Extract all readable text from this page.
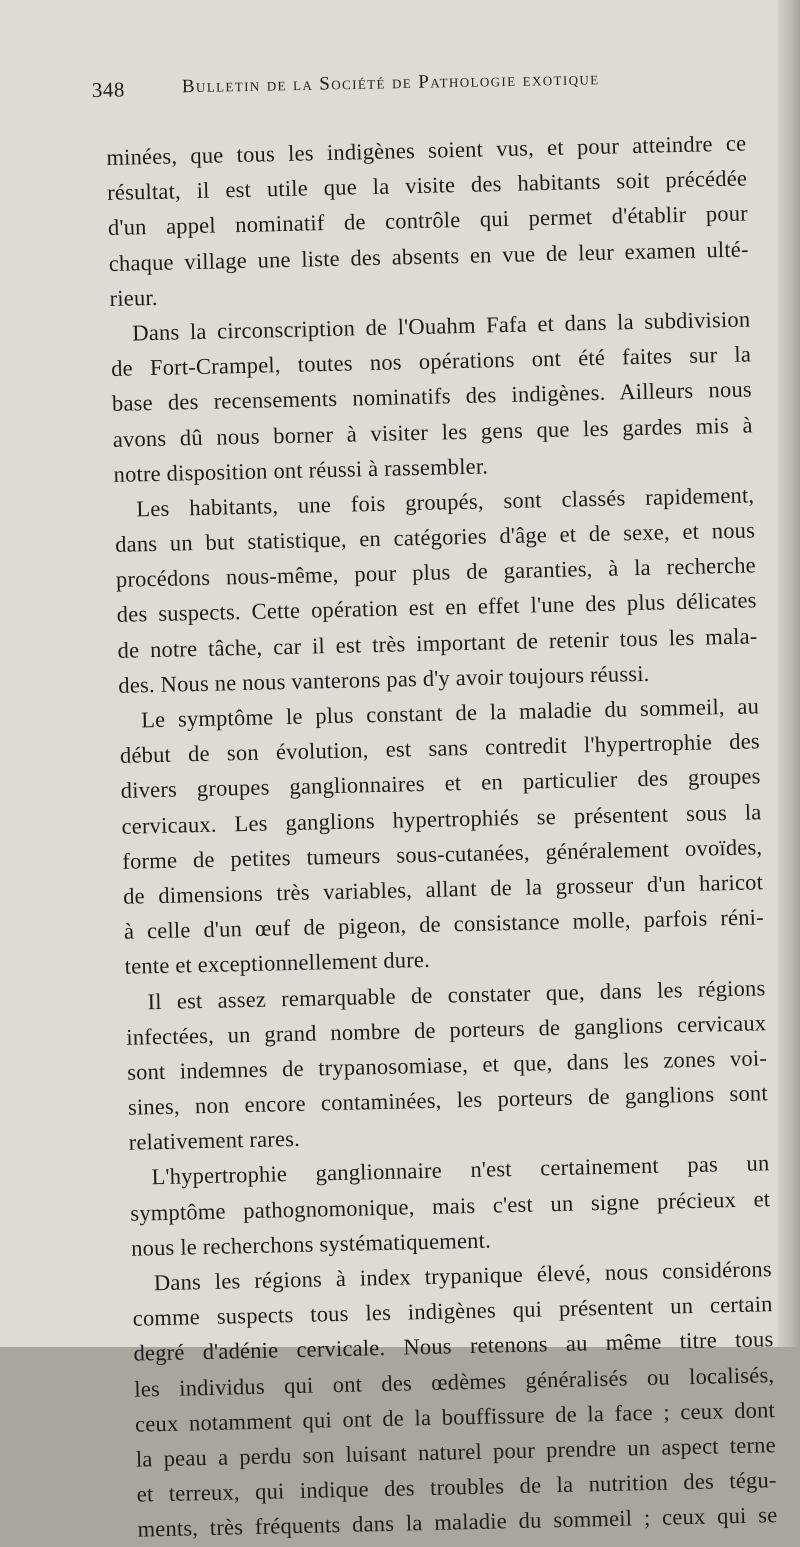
348	Bulletin de la Société de Pathologie exotique
minées, que tous les indigènes soient vus, et pour atteindre ce
résultat, il est utile que la visite des habitants soit précédée
d'un appel nominatif de contrôle qui permet d'établir pour
chaque village une liste des absents en vue de leur examen ulté-
rieur.
Dans la circonscription de l'Ouahm Fafa et dans la subdivision
de Fort-Crampel, toutes nos opérations ont été faites sur la
base des recensements nominatifs des indigènes. Ailleurs nous
avons dû nous borner à visiter les gens que les gardes mis à
notre disposition ont réussi à rassembler.
Les habitants, une fois groupés, sont classés rapidement,
dans un but statistique, en catégories d'âge et de sexe, et nous
procédons nous-même, pour plus de garanties, à la recherche
des suspects. Cette opération est en effet l'une des plus délicates
de notre tâche, car il est très important de retenir tous les mala-
des. Nous ne nous vanterons pas d'y avoir toujours réussi.
Le symptôme le plus constant de la maladie du sommeil, au
début de son évolution, est sans contredit l'hypertrophie des
divers groupes ganglionnaires et en particulier des groupes
cervicaux. Les ganglions hypertrophiés se présentent sous la
forme de petites tumeurs sous-cutanées, généralement ovoïdes,
de dimensions très variables, allant de la grosseur d'un haricot
à celle d'un œuf de pigeon, de consistance molle, parfois réni-
tente et exceptionnellement dure.
Il est assez remarquable de constater que, dans les régions
infectées, un grand nombre de porteurs de ganglions cervicaux
sont indemnes de trypanosomiase, et que, dans les zones voi-
sines, non encore contaminées, les porteurs de ganglions sont
relativement rares.
L'hypertrophie ganglionnaire n'est certainement pas un
symptôme pathognomonique, mais c'est un signe précieux et
nous le recherchons systématiquement.
Dans les régions à index trypanique élevé, nous considérons
comme suspects tous les indigènes qui présentent un certain
degré d'adénie cervicale. Nous retenons au même titre tous
les individus qui ont des œdèmes généralisés ou localisés,
ceux notamment qui ont de la bouffissure de la face ; ceux dont
la peau a perdu son luisant naturel pour prendre un aspect terne
et terreux, qui indique des troubles de la nutrition des tégu-
ments, très fréquents dans la maladie du sommeil ; ceux qui se
